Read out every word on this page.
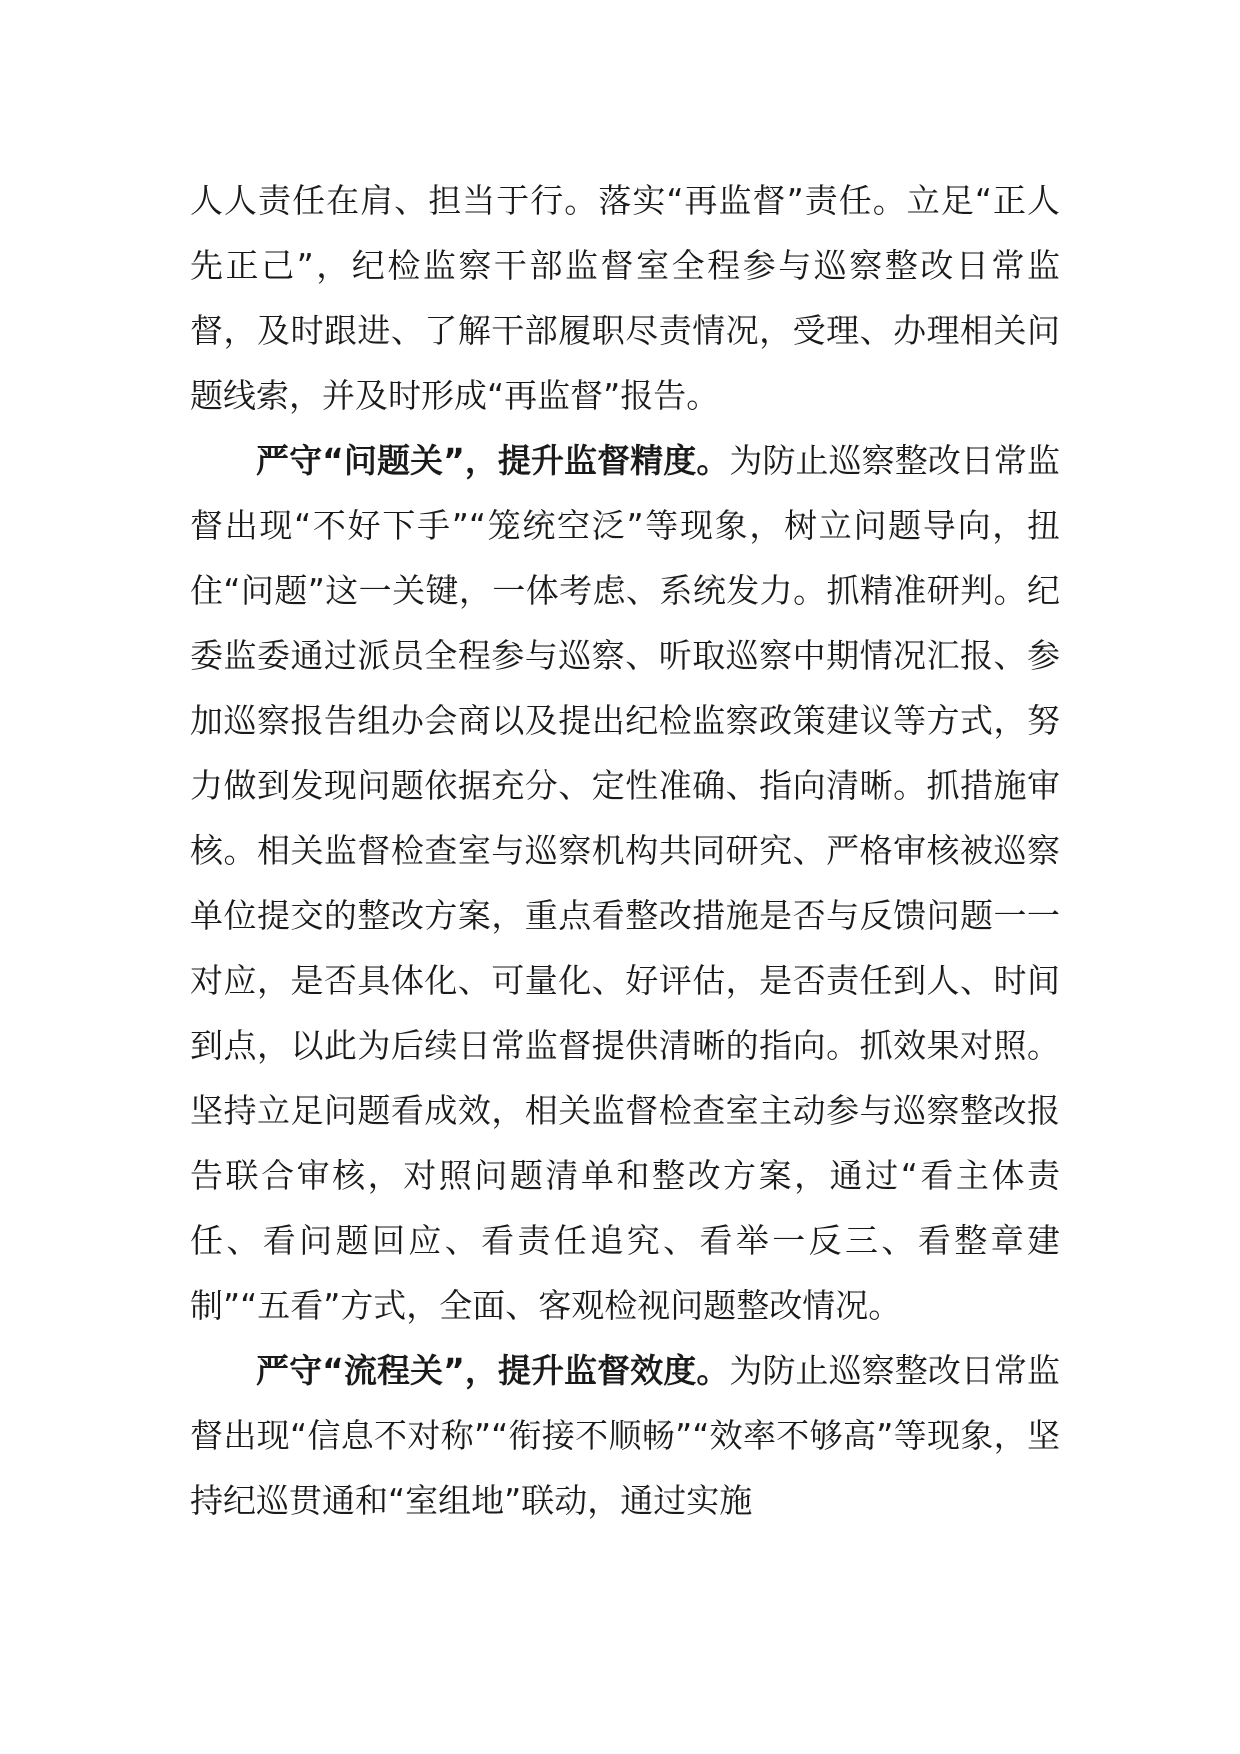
人人责任在肩、担当于行。落实“再监督”责任。立足“正人先正己”，纪检监察干部监督室全程参与巡察整改日常监督，及时跟进、了解干部履职尽责情况，受理、办理相关问题线索，并及时形成“再监督”报告。

严守“问题关”，提升监督精度。为防止巡察整改日常监督出现“不好下手”“笼统空泛”等现象，树立问题导向，扭住“问题”这一关键，一体考虑、系统发力。抓精准研判。纪委监委通过派员全程参与巡察、听取巡察中期情况汇报、参加巡察报告组办会商以及提出纪检监察政策建议等方式，努力做到发现问题依据充分、定性准确、指向清晰。抓措施审核。相关监督检查室与巡察机构共同研究、严格审核被巡察单位提交的整改方案，重点看整改措施是否与反馈问题一一对应，是否具体化、可量化、好评估，是否责任到人、时间到点，以此为后续日常监督提供清晰的指向。抓效果对照。坚持立足问题看成效，相关监督检查室主动参与巡察整改报告联合审核，对照问题清单和整改方案，通过“看主体责任、看问题回应、看责任追究、看举一反三、看整章建制”“五看”方式，全面、客观检视问题整改情况。

严守“流程关”，提升监督效度。为防止巡察整改日常监督出现“信息不对称”“衔接不顺畅”“效率不够高”等现象，坚持纪巡贯通和“室组地”联动，通过实施
